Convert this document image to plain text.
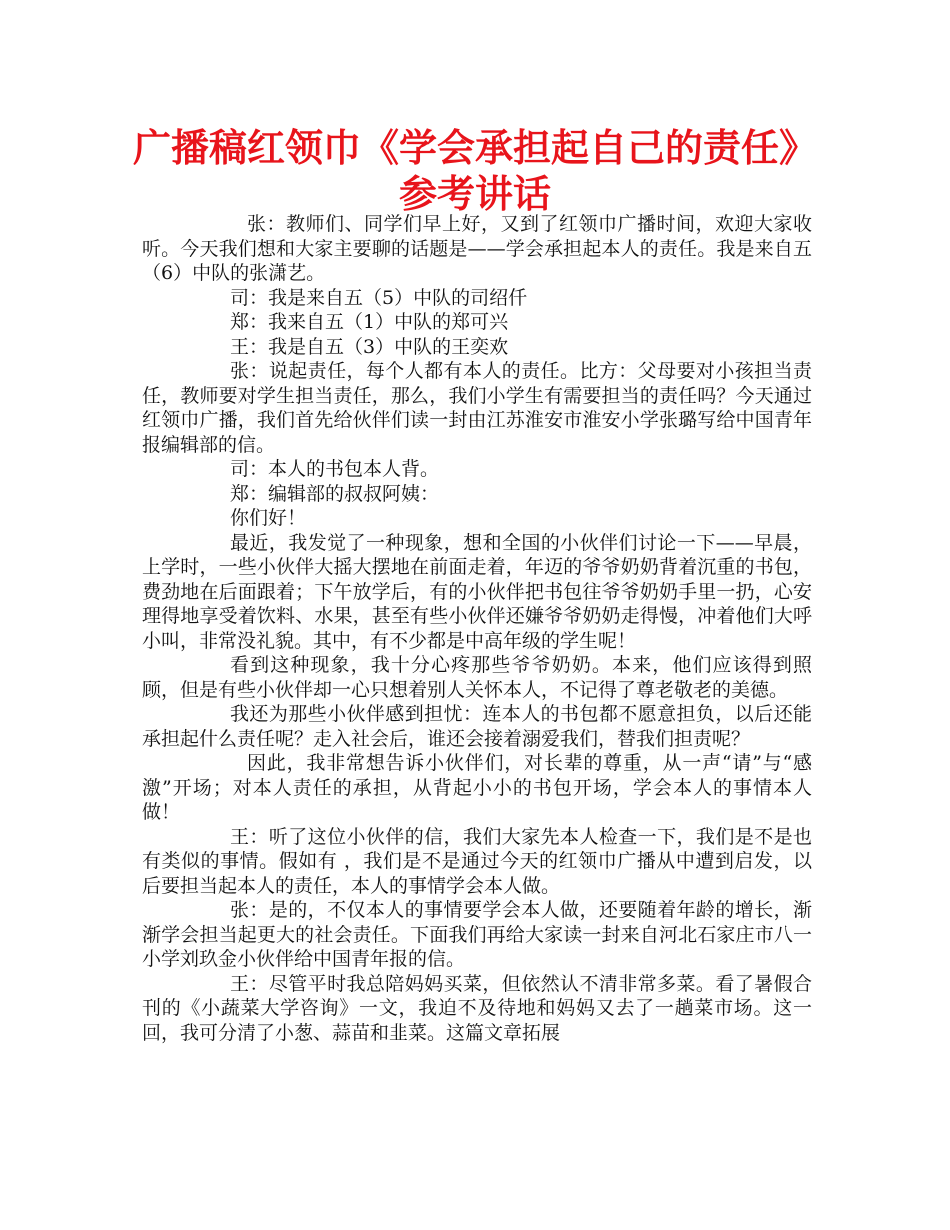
广播稿红领巾《学会承担起自己的责任》
参考讲话

张：教师们、同学们早上好，又到了红领巾广播时间，欢迎大家收听。今天我们想和大家主要聊的话题是——学会承担起本人的责任。我是来自五（6）中队的张潇艺。

司：我是来自五（5）中队的司绍仟

郑：我来自五（1）中队的郑可兴

王：我是自五（3）中队的王奕欢

张：说起责任，每个人都有本人的责任。比方：父母要对小孩担当责任，教师要对学生担当责任，那么，我们小学生有需要担当的责任吗？今天通过红领巾广播，我们首先给伙伴们读一封由江苏淮安市淮安小学张璐写给中国青年报编辑部的信。

司：本人的书包本人背。

郑：编辑部的叔叔阿姨：

你们好！

最近，我发觉了一种现象，想和全国的小伙伴们讨论一下——早晨，上学时，一些小伙伴大摇大摆地在前面走着，年迈的爷爷奶奶背着沉重的书包，费劲地在后面跟着；下午放学后，有的小伙伴把书包往爷爷奶奶手里一扔，心安理得地享受着饮料、水果，甚至有些小伙伴还嫌爷爷奶奶走得慢，冲着他们大呼小叫，非常没礼貌。其中，有不少都是中高年级的学生呢！

看到这种现象，我十分心疼那些爷爷奶奶。本来，他们应该得到照顾，但是有些小伙伴却一心只想着别人关怀本人，不记得了尊老敬老的美德。

我还为那些小伙伴感到担忧：连本人的书包都不愿意担负，以后还能承担起什么责任呢？走入社会后，谁还会接着溺爱我们，替我们担责呢？

因此，我非常想告诉小伙伴们，对长辈的尊重，从一声“请”与“感激”开场；对本人责任的承担，从背起小小的书包开场，学会本人的事情本人做！

王：听了这位小伙伴的信，我们大家先本人检查一下，我们是不是也有类似的事情。假如有 ，我们是不是通过今天的红领巾广播从中遭到启发，以后要担当起本人的责任，本人的事情学会本人做。

张：是的，不仅本人的事情要学会本人做，还要随着年龄的增长，渐渐学会担当起更大的社会责任。下面我们再给大家读一封来自河北石家庄市八一小学刘玖金小伙伴给中国青年报的信。

王：尽管平时我总陪妈妈买菜，但依然认不清非常多菜。看了暑假合刊的《小蔬菜大学咨询》一文，我迫不及待地和妈妈又去了一趟菜市场。这一回，我可分清了小葱、蒜苗和韭菜。这篇文章拓展
